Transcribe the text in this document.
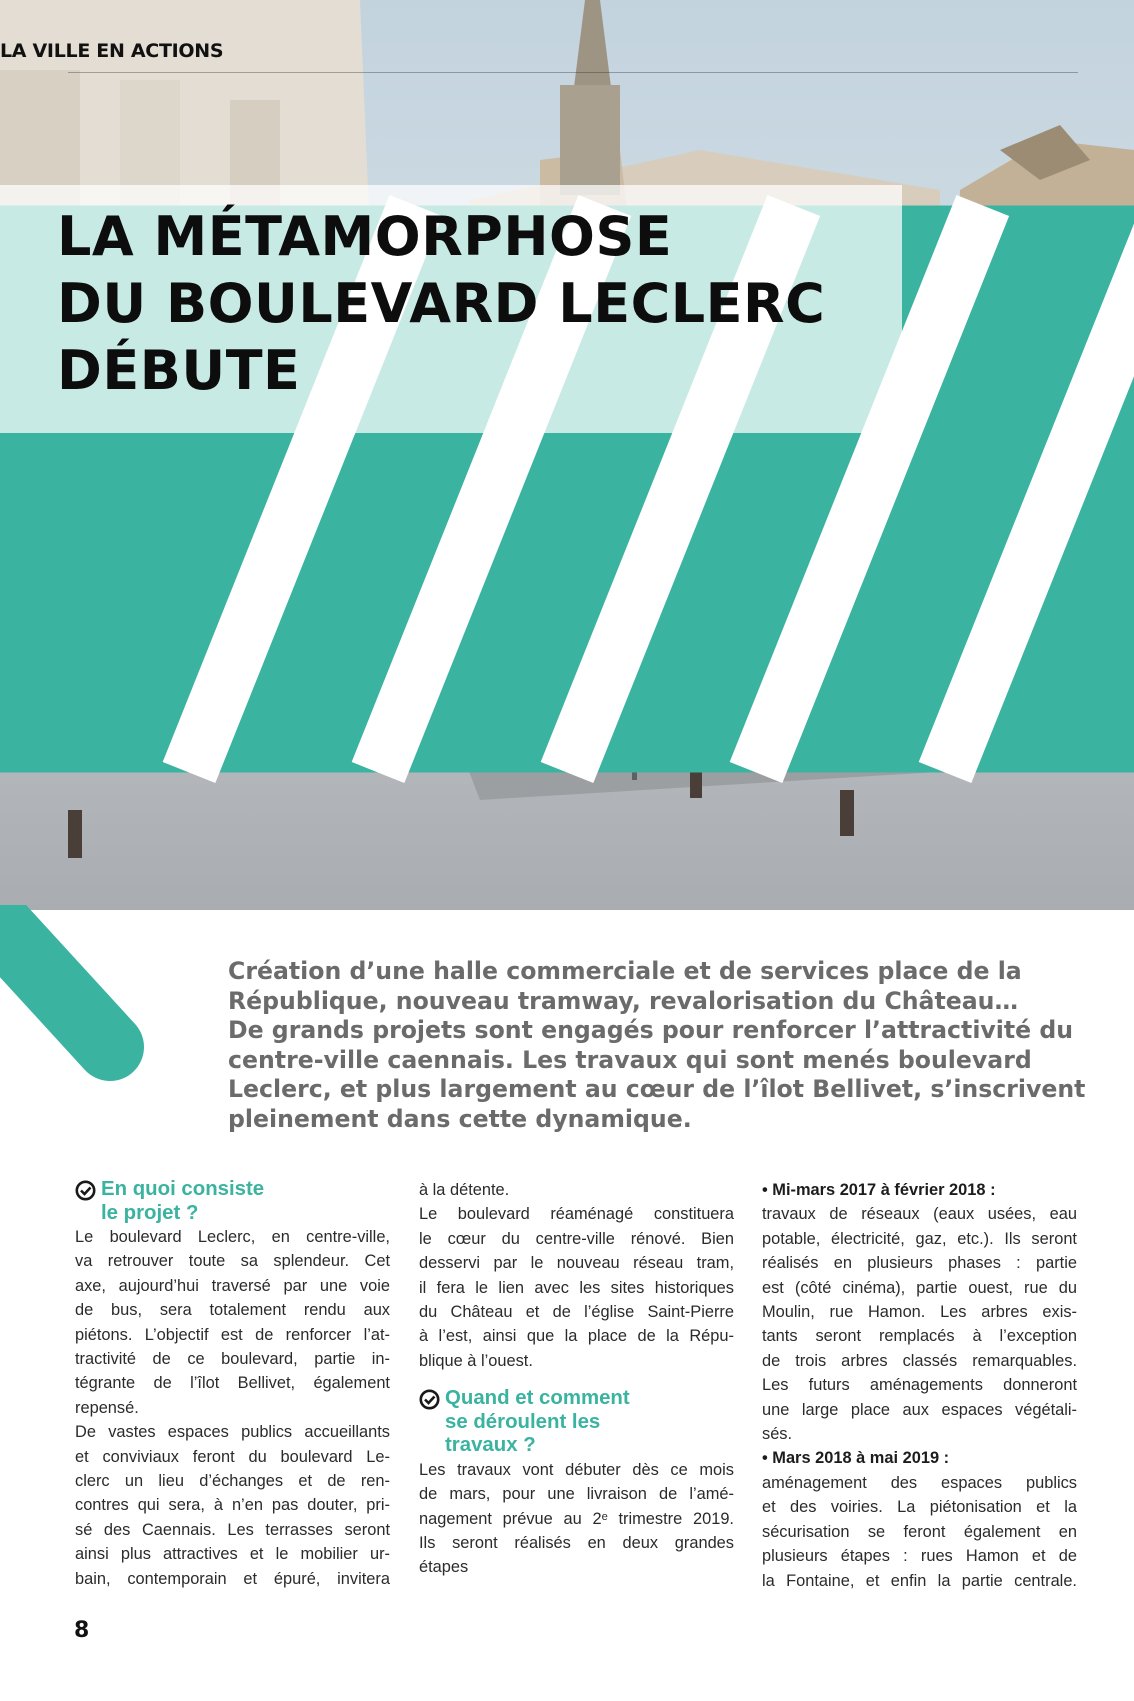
LA VILLE EN ACTIONS
LA MÉTAMORPHOSE
DU BOULEVARD LECLERC
DÉBUTE
Création d’une halle commerciale et de services place de la
République, nouveau tramway, revalorisation du Château…
De grands projets sont engagés pour renforcer l’attractivité du
centre-ville caennais. Les travaux qui sont menés boulevard
Leclerc, et plus largement au cœur de l’îlot Bellivet, s’inscrivent
pleinement dans cette dynamique.
En quoi consiste
le projet ?
Le boulevard Leclerc, en centre-ville,
va retrouver toute sa splendeur. Cet
axe, aujourd’hui traversé par une voie
de bus, sera totalement rendu aux
piétons. L’objectif est de renforcer l’at-
tractivité de ce boulevard, partie in-
tégrante de l’îlot Bellivet, également
repensé.
De vastes espaces publics accueillants
et conviviaux feront du boulevard Le-
clerc un lieu d’échanges et de ren-
contres qui sera, à n’en pas douter, pri-
sé des Caennais. Les terrasses seront
ainsi plus attractives et le mobilier ur-
bain, contemporain et épuré, invitera
à la détente.
Le boulevard réaménagé constituera
le cœur du centre-ville rénové. Bien
desservi par le nouveau réseau tram,
il fera le lien avec les sites historiques
du Château et de l’église Saint-Pierre
à l’est, ainsi que la place de la Répu-
blique à l’ouest.
Quand et comment
se déroulent les
travaux ?
Les travaux vont débuter dès ce mois
de mars, pour une livraison de l’amé-
nagement prévue au 2ᵉ trimestre 2019.
Ils seront réalisés en deux grandes
étapes
• Mi-mars 2017 à février 2018 :
travaux de réseaux (eaux usées, eau
potable, électricité, gaz, etc.). Ils seront
réalisés en plusieurs phases : partie
est (côté cinéma), partie ouest, rue du
Moulin, rue Hamon. Les arbres exis-
tants seront remplacés à l’exception
de trois arbres classés remarquables.
Les futurs aménagements donneront
une large place aux espaces végétali-
sés.
• Mars 2018 à mai 2019 :
aménagement des espaces publics
et des voiries. La piétonisation et la
sécurisation se feront également en
plusieurs étapes : rues Hamon et de
la Fontaine, et enfin la partie centrale.
8
